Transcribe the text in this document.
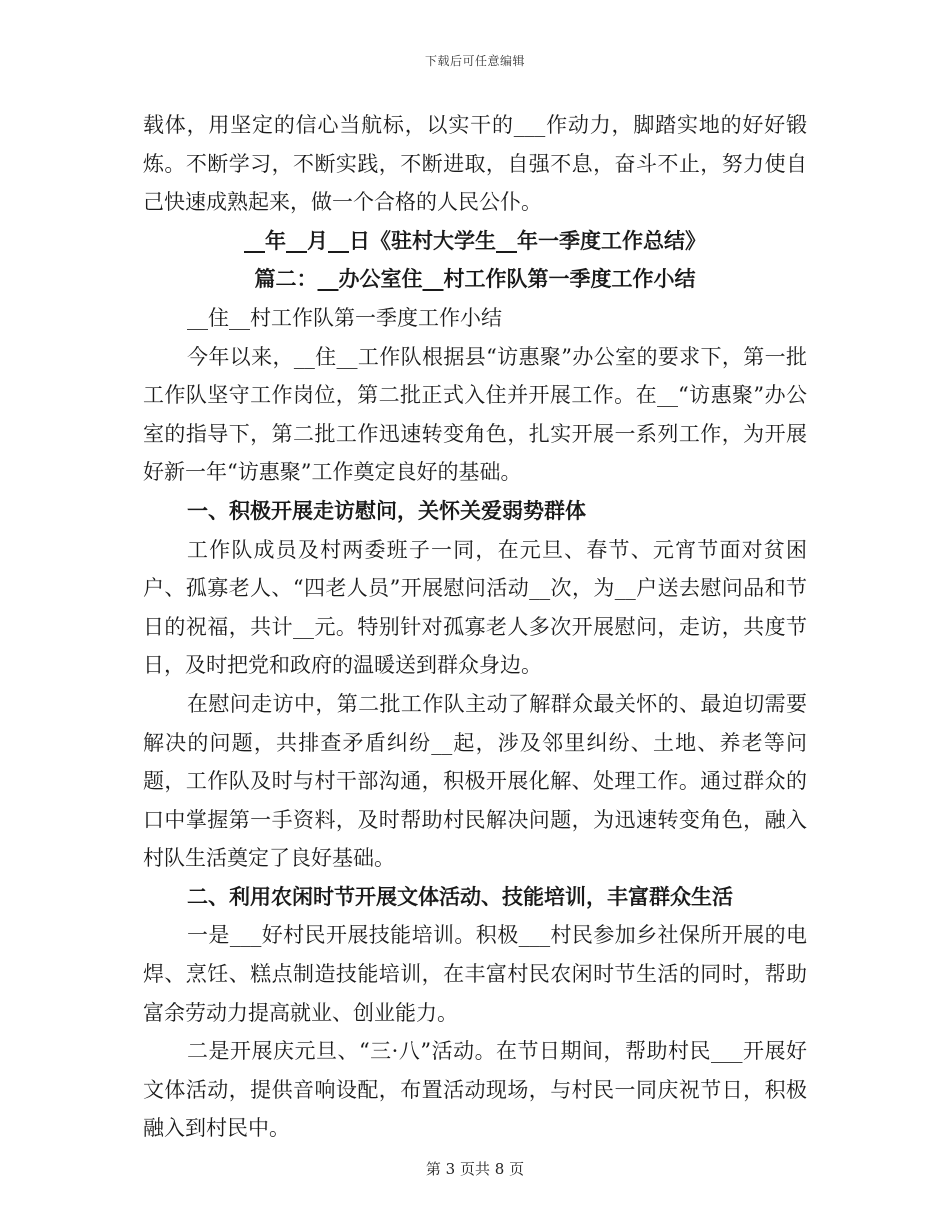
下载后可任意编辑

载体，用坚定的信心当航标，以实干的___作动力，脚踏实地的好好锻炼。不断学习，不断实践，不断进取，自强不息，奋斗不止，努力使自己快速成熟起来，做一个合格的人民公仆。

__年__月__日《驻村大学生__年一季度工作总结》

篇二：__办公室住__村工作队第一季度工作小结

__住__村工作队第一季度工作小结

今年以来，__住__工作队根据县“访惠聚”办公室的要求下，第一批工作队坚守工作岗位，第二批正式入住并开展工作。在__“访惠聚”办公室的指导下，第二批工作迅速转变角色，扎实开展一系列工作，为开展好新一年“访惠聚”工作奠定良好的基础。

一、积极开展走访慰问，关怀关爱弱势群体

工作队成员及村两委班子一同，在元旦、春节、元宵节面对贫困户、孤寡老人、“四老人员”开展慰问活动__次，为__户送去慰问品和节日的祝福，共计__元。特别针对孤寡老人多次开展慰问，走访，共度节日，及时把党和政府的温暖送到群众身边。

在慰问走访中，第二批工作队主动了解群众最关怀的、最迫切需要解决的问题，共排查矛盾纠纷__起，涉及邻里纠纷、土地、养老等问题，工作队及时与村干部沟通，积极开展化解、处理工作。通过群众的口中掌握第一手资料，及时帮助村民解决问题，为迅速转变角色，融入村队生活奠定了良好基础。

二、利用农闲时节开展文体活动、技能培训，丰富群众生活

一是___好村民开展技能培训。积极___村民参加乡社保所开展的电焊、烹饪、糕点制造技能培训，在丰富村民农闲时节生活的同时，帮助富余劳动力提高就业、创业能力。

二是开展庆元旦、“三·八”活动。在节日期间，帮助村民___开展好文体活动，提供音响设配，布置活动现场，与村民一同庆祝节日，积极融入到村民中。

第 3 页共 8 页
